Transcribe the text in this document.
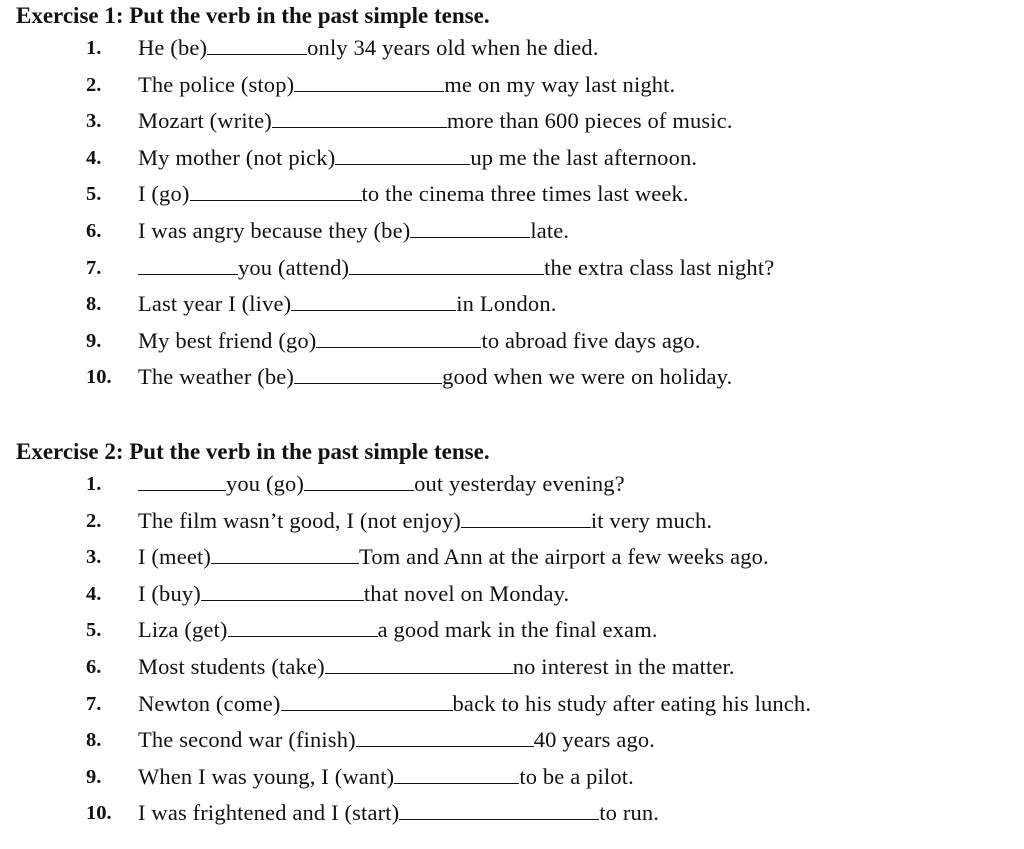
Exercise 1: Put the verb in the past simple tense.
1. He (be)	only 34 years old when he died.
2. The police (stop)	me on my way last night.
3. Mozart (write)	more than 600 pieces of music.
4. My mother (not pick)	up me the last afternoon.
5. I (go)	to the cinema three times last week.
6. I was angry because they (be)	late.
7.	you (attend)	the extra class last night?
8. Last year I (live)	in London.
9. My best friend (go)	to abroad five days ago.
10. The weather (be)	good when we were on holiday.
Exercise 2: Put the verb in the past simple tense.
1.	you (go)	out yesterday evening?
2. The film wasn’t good, I (not enjoy)	it very much.
3. I (meet)	Tom and Ann at the airport a few weeks ago.
4. I (buy)	that novel on Monday.
5. Liza (get)	a good mark in the final exam.
6. Most students (take)	no interest in the matter.
7. Newton (come)	back to his study after eating his lunch.
8. The second war (finish)	40 years ago.
9. When I was young, I (want)	to be a pilot.
10. I was frightened and I (start)	to run.
